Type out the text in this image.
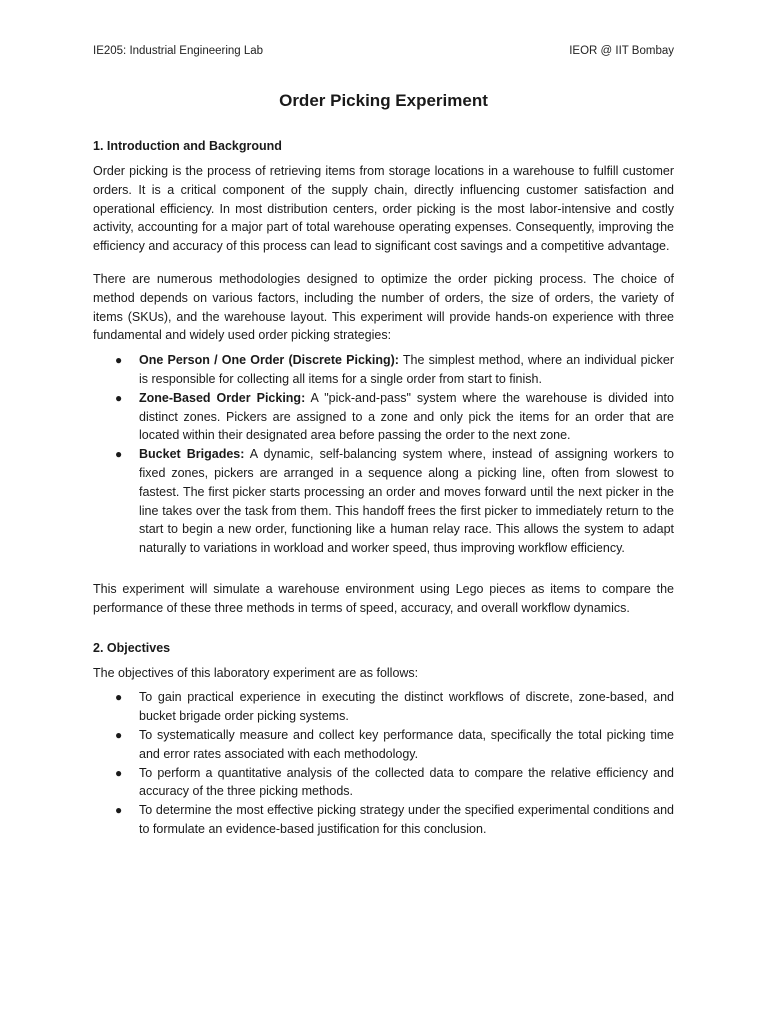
IE205: Industrial Engineering Lab	IEOR @ IIT Bombay
Order Picking Experiment
1. Introduction and Background

Order picking is the process of retrieving items from storage locations in a warehouse to fulfill customer orders. It is a critical component of the supply chain, directly influencing customer satisfaction and operational efficiency. In most distribution centers, order picking is the most labor-intensive and costly activity, accounting for a major part of total warehouse operating expenses. Consequently, improving the efficiency and accuracy of this process can lead to significant cost savings and a competitive advantage.

There are numerous methodologies designed to optimize the order picking process. The choice of method depends on various factors, including the number of orders, the size of orders, the variety of items (SKUs), and the warehouse layout. This experiment will provide hands-on experience with three fundamental and widely used order picking strategies:

● One Person / One Order (Discrete Picking): The simplest method, where an individual picker is responsible for collecting all items for a single order from start to finish.
● Zone-Based Order Picking: A "pick-and-pass" system where the warehouse is divided into distinct zones. Pickers are assigned to a zone and only pick the items for an order that are located within their designated area before passing the order to the next zone.
● Bucket Brigades: A dynamic, self-balancing system where, instead of assigning workers to fixed zones, pickers are arranged in a sequence along a picking line, often from slowest to fastest. The first picker starts processing an order and moves forward until the next picker in the line takes over the task from them. This handoff frees the first picker to immediately return to the start to begin a new order, functioning like a human relay race. This allows the system to adapt naturally to variations in workload and worker speed, thus improving workflow efficiency.

This experiment will simulate a warehouse environment using Lego pieces as items to compare the performance of these three methods in terms of speed, accuracy, and overall workflow dynamics.

2. Objectives

The objectives of this laboratory experiment are as follows:

● To gain practical experience in executing the distinct workflows of discrete, zone-based, and bucket brigade order picking systems.
● To systematically measure and collect key performance data, specifically the total picking time and error rates associated with each methodology.
● To perform a quantitative analysis of the collected data to compare the relative efficiency and accuracy of the three picking methods.
● To determine the most effective picking strategy under the specified experimental conditions and to formulate an evidence-based justification for this conclusion.
